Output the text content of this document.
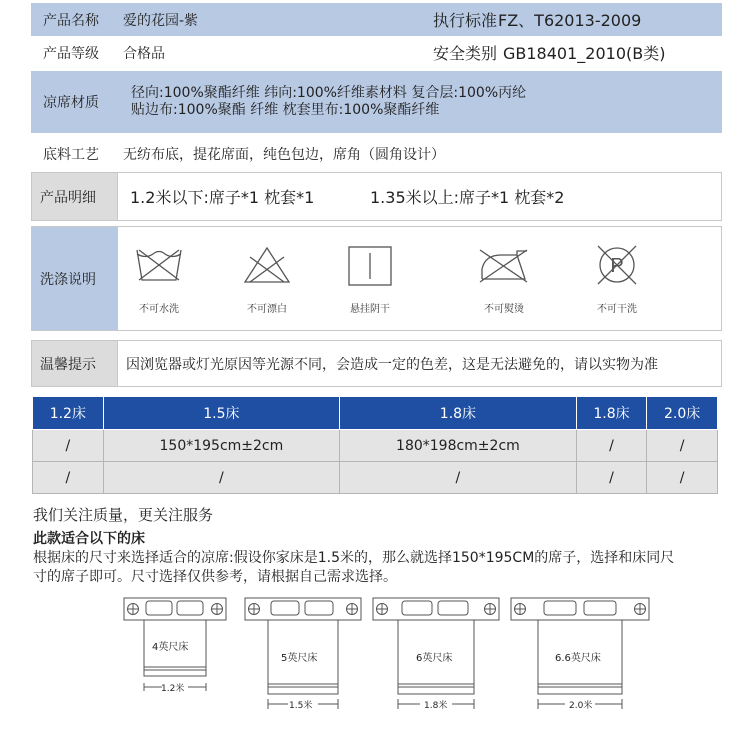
产品名称	爱的花园-紫	执行标准 FZ、T62013-2009
产品等级	合格品	安全类别 GB18401_2010(B类)
凉席材质
径向:100%聚酯纤维 纬向:100%纤维素材料 复合层:100%丙纶
贴边布:100%聚酯 纤维 枕套里布:100%聚酯纤维
底料工艺	无纺布底，提花席面，纯色包边，席角（圆角设计）
产品明细	1.2米以下:席子*1 枕套*1	1.35米以上:席子*1 枕套*2
洗涤说明
不可水洗	不可漂白	悬挂阴干	不可熨烫
P
不可干洗
温馨提示	因浏览器或灯光原因等光源不同，会造成一定的色差，这是无法避免的，请以实物为准
1.2床	1.5床	1.8床	1.8床	2.0床
/	150*195cm±2cm	180*198cm±2cm	/	/
/	/	/	/	/
我们关注质量，更关注服务
此款适合以下的床
根据床的尺寸来选择适合的凉席:假设你家床是1.5米的，那么就选择150*195CM的席子，选择和床同尺
寸的席子即可。尺寸选择仅供参考，请根据自己需求选择。
4英尺床
1.2米
5英尺床
1.5米
6英尺床
1.8米
6.6英尺床
2.0米
